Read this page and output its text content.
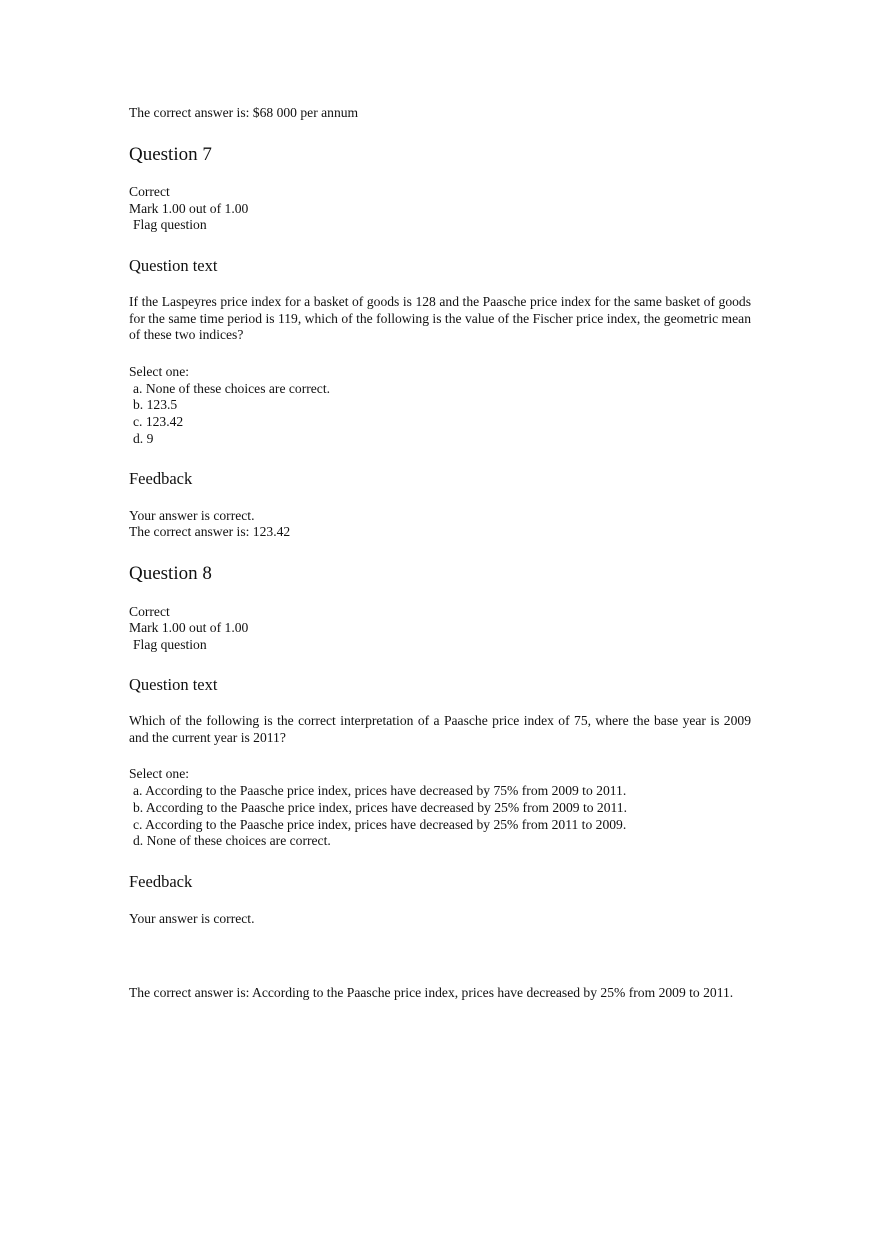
The correct answer is: $68 000 per annum
Question 7
Correct
Mark 1.00 out of 1.00
Flag question
Question text
If the Laspeyres price index for a basket of goods is 128 and the Paasche price index for the same basket of goods for the same time period is 119, which of the following is the value of the Fischer price index, the geometric mean of these two indices?
Select one:
a. None of these choices are correct.
b. 123.5
c. 123.42
d. 9
Feedback
Your answer is correct.
The correct answer is: 123.42
Question 8
Correct
Mark 1.00 out of 1.00
Flag question
Question text
Which of the following is the correct interpretation of a Paasche price index of 75, where the base year is 2009 and the current year is 2011?
Select one:
a. According to the Paasche price index, prices have decreased by 75% from 2009 to 2011.
b. According to the Paasche price index, prices have decreased by 25% from 2009 to 2011.
c. According to the Paasche price index, prices have decreased by 25% from 2011 to 2009.
d. None of these choices are correct.
Feedback
Your answer is correct.
The correct answer is: According to the Paasche price index, prices have decreased by 25% from 2009 to 2011.
